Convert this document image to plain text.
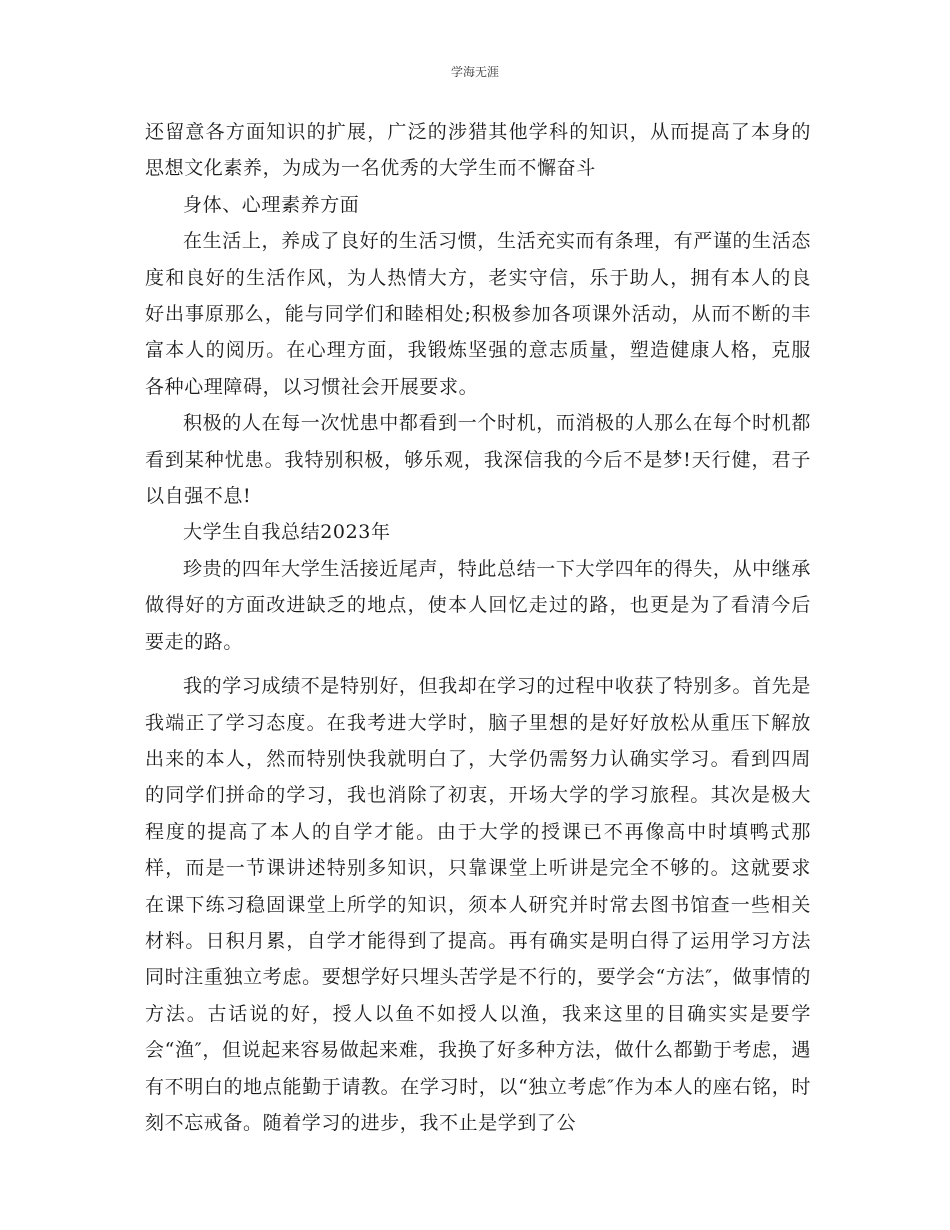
学海无涯

还留意各方面知识的扩展，广泛的涉猎其他学科的知识，从而提高了本身的思想文化素养，为成为一名优秀的大学生而不懈奋斗

身体、心理素养方面

在生活上，养成了良好的生活习惯，生活充实而有条理，有严谨的生活态度和良好的生活作风，为人热情大方，老实守信，乐于助人，拥有本人的良好出事原那么，能与同学们和睦相处;积极参加各项课外活动，从而不断的丰富本人的阅历。在心理方面，我锻炼坚强的意志质量，塑造健康人格，克服各种心理障碍，以习惯社会开展要求。

积极的人在每一次忧患中都看到一个时机，而消极的人那么在每个时机都看到某种忧患。我特别积极，够乐观，我深信我的今后不是梦!天行健，君子以自强不息!

大学生自我总结2023年

珍贵的四年大学生活接近尾声，特此总结一下大学四年的得失，从中继承做得好的方面改进缺乏的地点，使本人回忆走过的路，也更是为了看清今后要走的路。

我的学习成绩不是特别好，但我却在学习的过程中收获了特别多。首先是我端正了学习态度。在我考进大学时，脑子里想的是好好放松从重压下解放出来的本人，然而特别快我就明白了，大学仍需努力认确实学习。看到四周的同学们拼命的学习，我也消除了初衷，开场大学的学习旅程。其次是极大程度的提高了本人的自学才能。由于大学的授课已不再像高中时填鸭式那样，而是一节课讲述特别多知识，只靠课堂上听讲是完全不够的。这就要求在课下练习稳固课堂上所学的知识，须本人研究并时常去图书馆查一些相关材料。日积月累，自学才能得到了提高。再有确实是明白得了运用学习方法同时注重独立考虑。要想学好只埋头苦学是不行的，要学会“方法″，做事情的方法。古话说的好，授人以鱼不如授人以渔，我来这里的目确实实是要学会“渔″，但说起来容易做起来难，我换了好多种方法，做什么都勤于考虑，遇有不明白的地点能勤于请教。在学习时，以“独立考虑″作为本人的座右铭，时刻不忘戒备。随着学习的进步，我不止是学到了公
